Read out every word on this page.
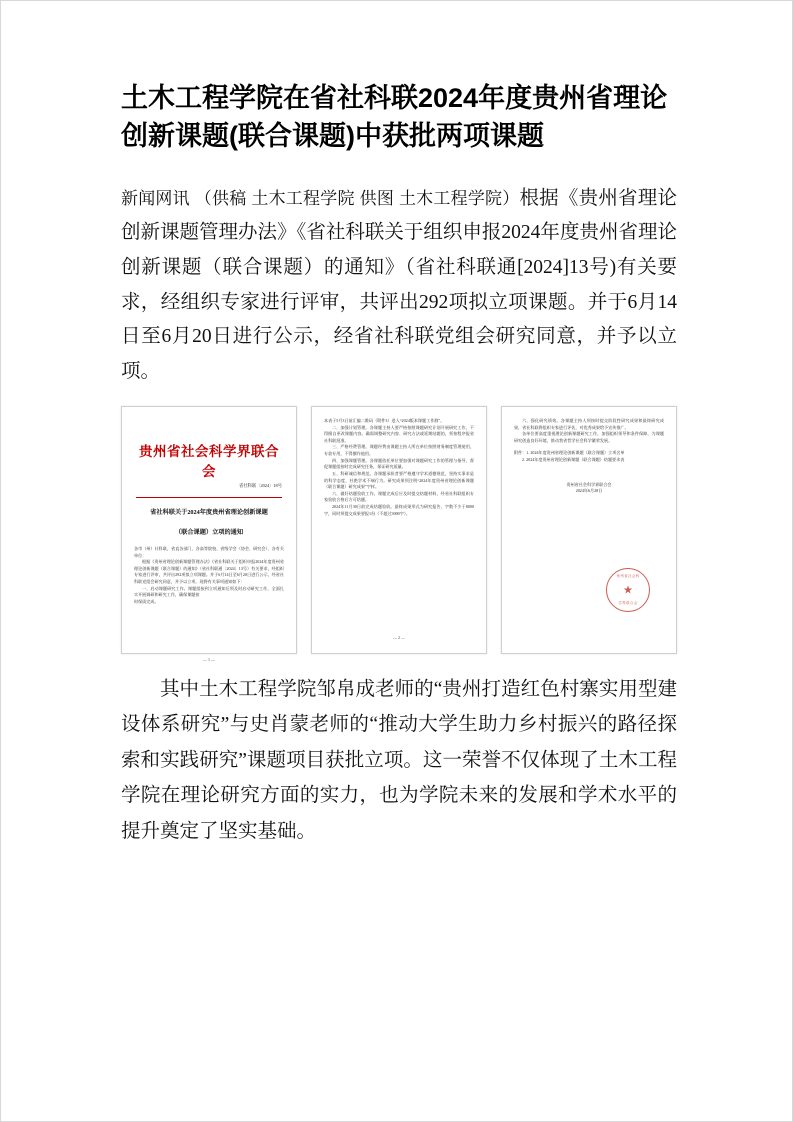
土木工程学院在省社科联2024年度贵州省理论创新课题(联合课题)中获批两项课题

新闻网讯 （供稿 土木工程学院 供图 土木工程学院）根据《贵州省理论创新课题管理办法》《省社科联关于组织申报2024年度贵州省理论创新课题（联合课题）的通知》（省社科联通[2024]13号)有关要求，经组织专家进行评审，共评出292项拟立项课题。并于6月14日至6月20日进行公示，经省社科联党组会研究同意，并予以立项。

贵州省社会科学界联合会
省社科联〔2024〕18号
省社科联关于2024年度贵州省理论创新课题
（联合课题）立项的通知
各市（州）社科联，省直各部门、各高等院校、省级学会（协会、研究会）、各有关单位：
根据《贵州省理论创新课题管理办法》《省社科联关于组织申报2024年度贵州省理论创新课题（联合课题）的通知》（省社科联通〔2024〕13号）有关要求，经组织专家进行评审，共评出292项拟立项课题。并于6月14日至6月20日进行公示，经省社科联党组会研究同意，并予以立项。现将有关事项通知如下：
一、启动课题研究工作。课题组接到立项通知后须及时启动研究工作，全面扎实开展调研和研究工作，确保课题按
时保质完成。
— 1 —
本表于5月3日前汇编二维码（附件3）进入“2024版本课题工作群”。
二、加强计划管理。各课题主持人要严格按照课题研究计划开展研究工作，不得擅自更改课题内容。确需调整研究内容、研究方法或延期结题的，须按程序报省社科联批准。
三、严格经费管理。课题经费由课题主持人所在单位按照财务制度管理使用，专款专用，不得挪作他用。
四、加强课题管理。各课题依托单位要加强对课题研究工作的管理与指导，督促课题组按时完成研究任务，保证研究质量。
五、科研诚信和规范。各课题承担者要严格遵守学术道德规范，坚持实事求是的科学态度，杜绝学术不端行为。研究成果须注明“2024年度贵州省理论创新课题（联合课题）研究成果”字样。
六、做好结题验收工作。课题完成后应及时提交结题材料，经省社科联组织专家验收合格后方可结题。
2024年11月30日前完成结题验收。最终成果形式为研究报告，字数不少于8000字，同时须提交成果要报1份（不超过3000字）。
— 2 —
六、强化研究绩效。各课题主持人须按时提交阶段性研究成果和最终研究成果，省社科联将组织专家进行评估，对优秀成果给予宣传推广。
各单位要高度重视理论创新课题研究工作，加强组织领导和条件保障，为课题研究创造良好环境，推动我省哲学社会科学繁荣发展。
附件：1. 2024年度贵州省理论创新课题（联合课题）立项名单
2. 2024年度贵州省理论创新课题（联合课题）结题要求表
贵州省社会科学界联合会
2024年6月28日
贵州省社会科
学界联合会

其中土木工程学院邹帛成老师的“贵州打造红色村寨实用型建设体系研究”与史肖蒙老师的“推动大学生助力乡村振兴的路径探索和实践研究”课题项目获批立项。这一荣誉不仅体现了土木工程学院在理论研究方面的实力，也为学院未来的发展和学术水平的提升奠定了坚实基础。
